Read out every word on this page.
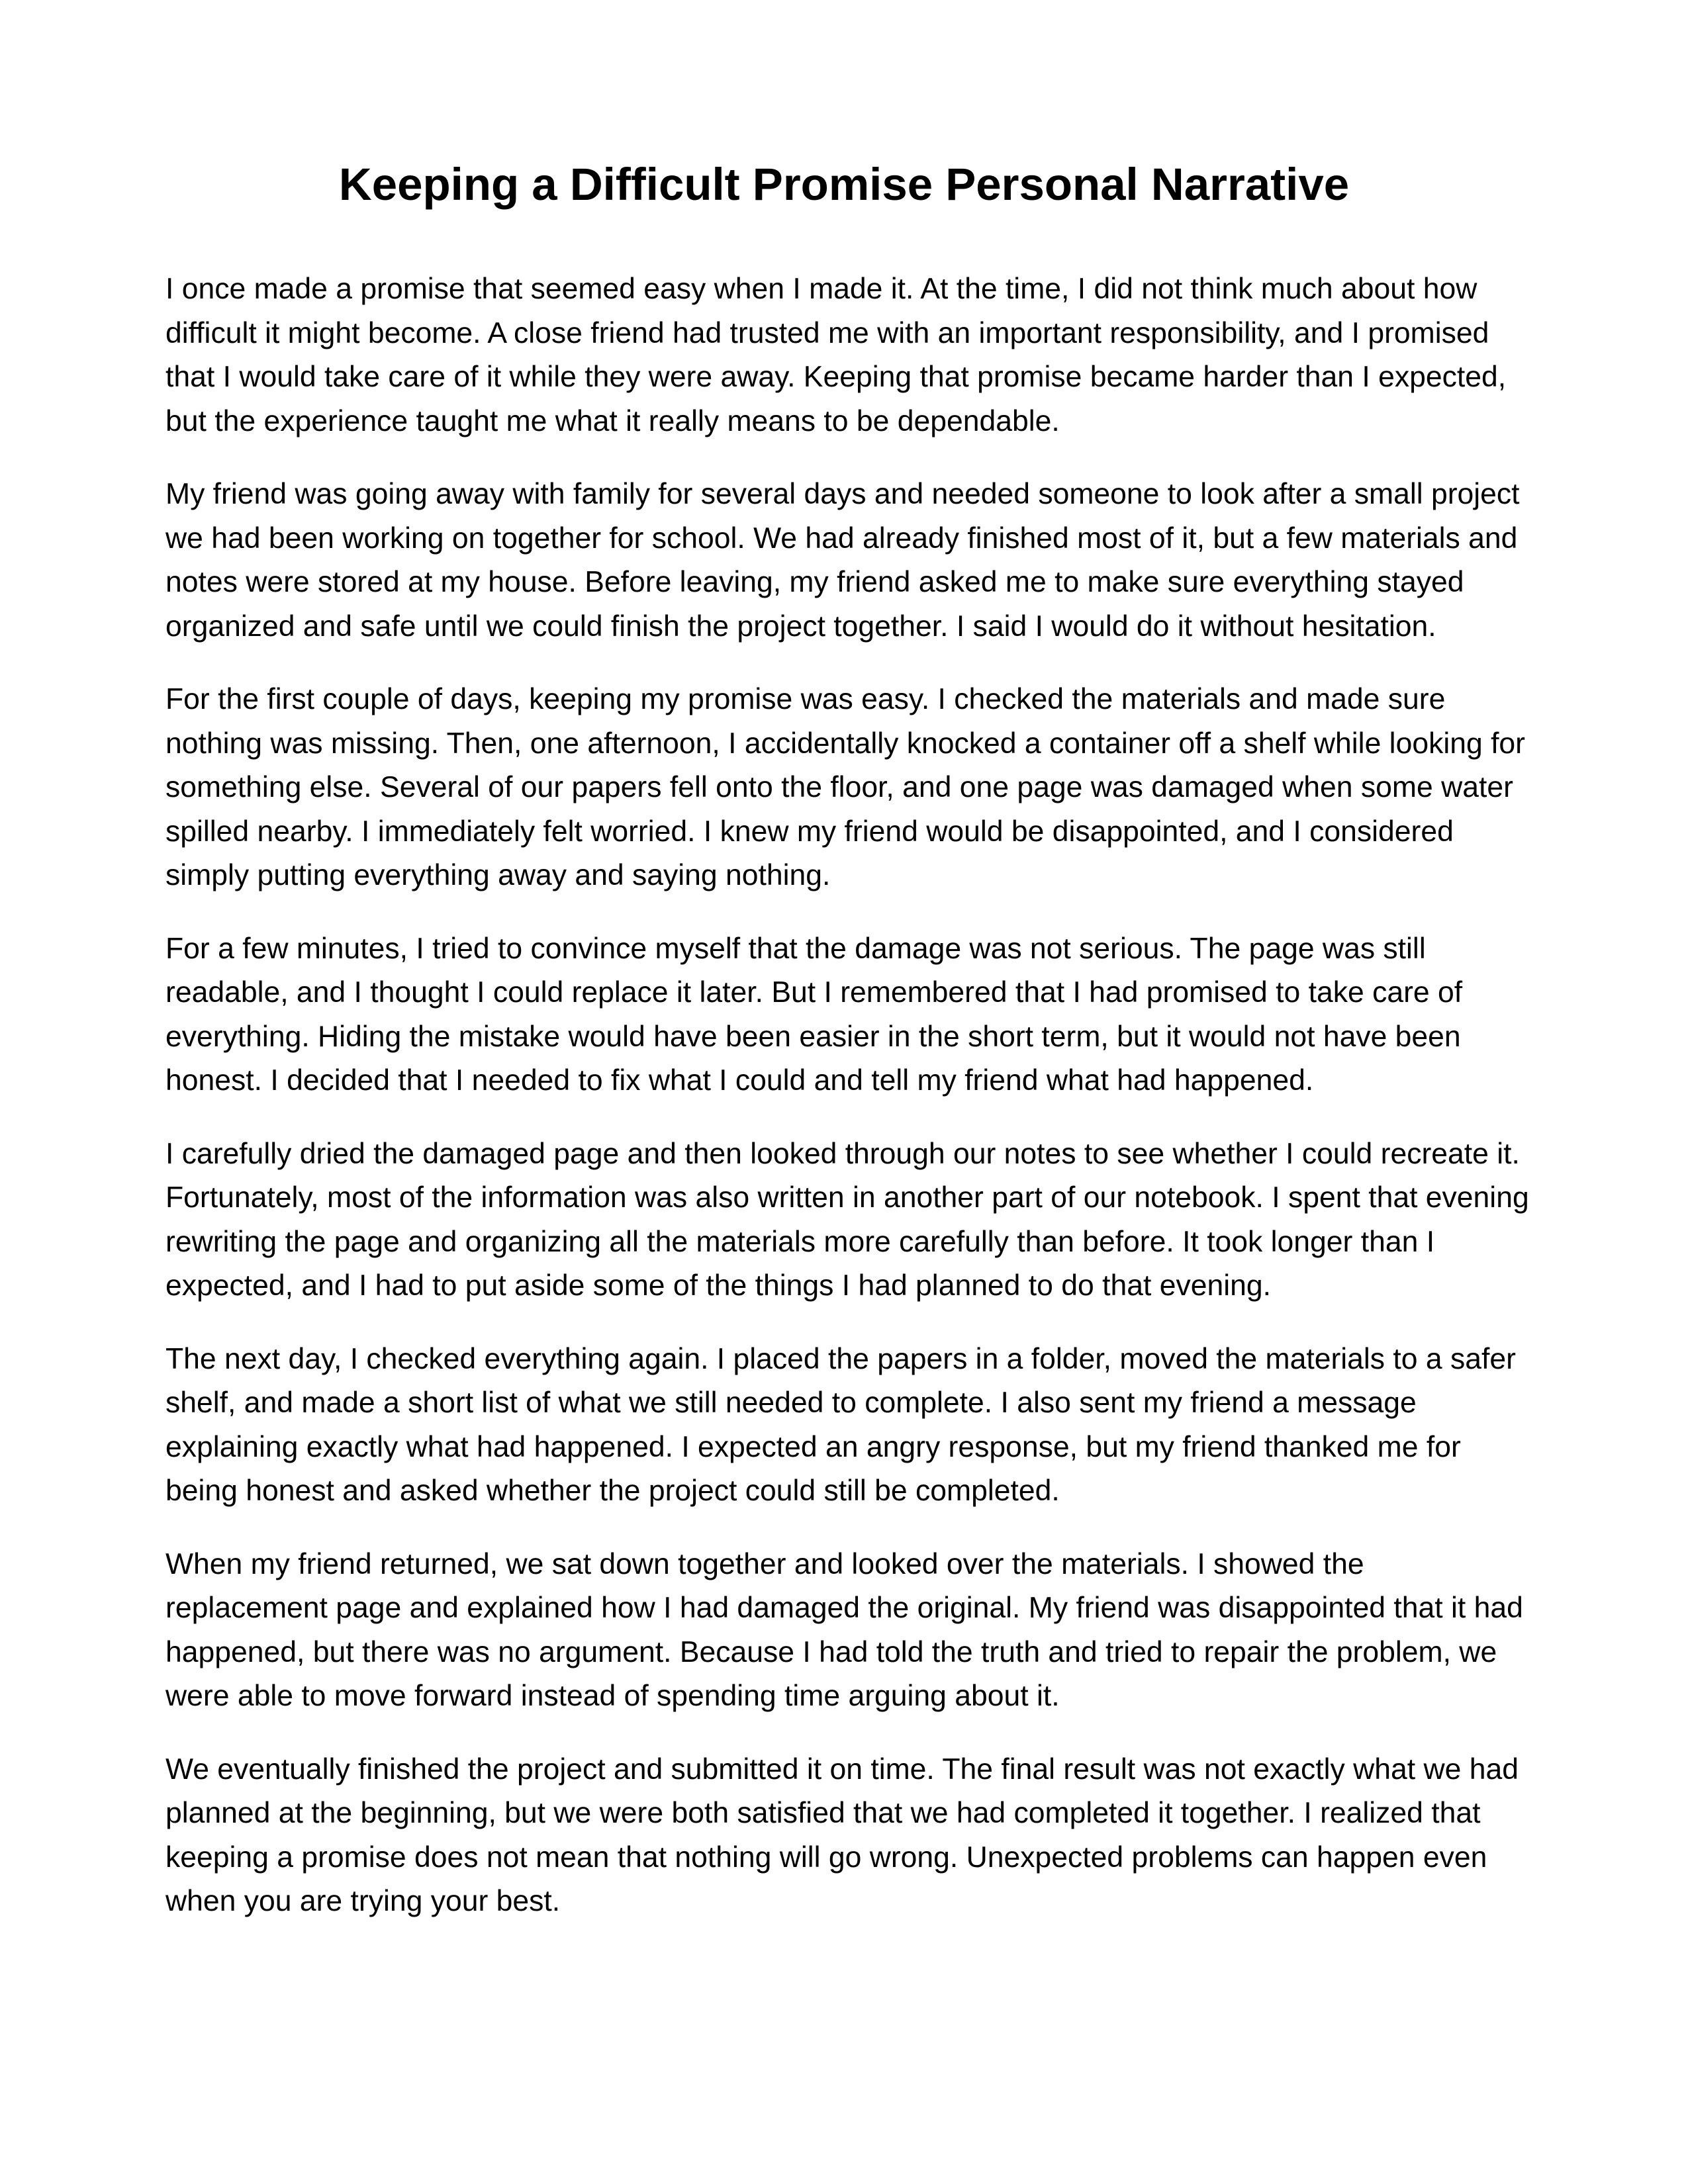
Keeping a Difficult Promise Personal Narrative

I once made a promise that seemed easy when I made it. At the time, I did not think much about how difficult it might become. A close friend had trusted me with an important responsibility, and I promised that I would take care of it while they were away. Keeping that promise became harder than I expected, but the experience taught me what it really means to be dependable.

My friend was going away with family for several days and needed someone to look after a small project we had been working on together for school. We had already finished most of it, but a few materials and notes were stored at my house. Before leaving, my friend asked me to make sure everything stayed organized and safe until we could finish the project together. I said I would do it without hesitation.

For the first couple of days, keeping my promise was easy. I checked the materials and made sure nothing was missing. Then, one afternoon, I accidentally knocked a container off a shelf while looking for something else. Several of our papers fell onto the floor, and one page was damaged when some water spilled nearby. I immediately felt worried. I knew my friend would be disappointed, and I considered simply putting everything away and saying nothing.

For a few minutes, I tried to convince myself that the damage was not serious. The page was still readable, and I thought I could replace it later. But I remembered that I had promised to take care of everything. Hiding the mistake would have been easier in the short term, but it would not have been honest. I decided that I needed to fix what I could and tell my friend what had happened.

I carefully dried the damaged page and then looked through our notes to see whether I could recreate it. Fortunately, most of the information was also written in another part of our notebook. I spent that evening rewriting the page and organizing all the materials more carefully than before. It took longer than I expected, and I had to put aside some of the things I had planned to do that evening.

The next day, I checked everything again. I placed the papers in a folder, moved the materials to a safer shelf, and made a short list of what we still needed to complete. I also sent my friend a message explaining exactly what had happened. I expected an angry response, but my friend thanked me for being honest and asked whether the project could still be completed.

When my friend returned, we sat down together and looked over the materials. I showed the replacement page and explained how I had damaged the original. My friend was disappointed that it had happened, but there was no argument. Because I had told the truth and tried to repair the problem, we were able to move forward instead of spending time arguing about it.

We eventually finished the project and submitted it on time. The final result was not exactly what we had planned at the beginning, but we were both satisfied that we had completed it together. I realized that keeping a promise does not mean that nothing will go wrong. Unexpected problems can happen even when you are trying your best.
